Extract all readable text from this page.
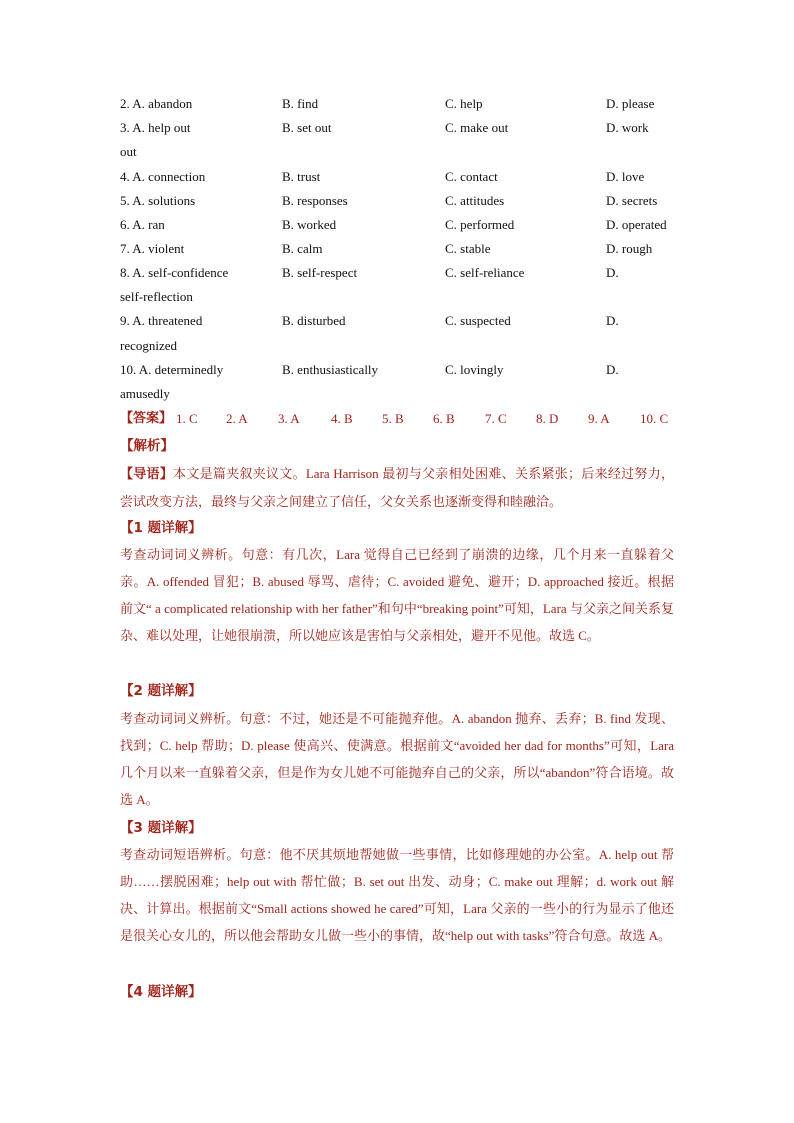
2. A. abandon	B. find	C. help	D. please
3. A. help out	B. set out	C. make out	D. work
out
4. A. connection	B. trust	C. contact	D. love
5. A. solutions	B. responses	C. attitudes	D. secrets
6. A. ran	B. worked	C. performed	D. operated
7. A. violent	B. calm	C. stable	D. rough
8. A. self-confidence	B. self-respect	C. self-reliance	D.
self-reflection
9. A. threatened	B. disturbed	C. suspected	D.
recognized
10. A. determinedly	B. enthusiastically	C. lovingly	D.
amusedly
【答案】 1. C 2. A 3. A 4. B 5. B 6. B 7. C 8. D 9. A 10. C
【解析】
【导语】本文是篇夹叙夹议文。Lara Harrison 最初与父亲相处困难、关系紧张；后来经过努力，尝试改变方法，最终与父亲之间建立了信任，父女关系也逐渐变得和睦融洽。
【1 题详解】
考查动词词义辨析。句意：有几次，Lara 觉得自己已经到了崩溃的边缘，几个月来一直躲着父亲。A. offended 冒犯；B. abused 辱骂、虐待；C. avoided 避免、避开；D. approached 接近。根据前文“ a complicated relationship with her father”和句中“breaking point”可知，Lara 与父亲之间关系复杂、难以处理，让她很崩溃，所以她应该是害怕与父亲相处，避开不见他。故选 C。
【2 题详解】
考查动词词义辨析。句意：不过，她还是不可能抛弃他。A. abandon 抛弃、丢弃；B. find 发现、找到；C. help 帮助；D. please 使高兴、使满意。根据前文“avoided her dad for months”可知，Lara 几个月以来一直躲着父亲，但是作为女儿她不可能抛弃自己的父亲，所以“abandon”符合语境。故选 A。
【3 题详解】
考查动词短语辨析。句意：他不厌其烦地帮她做一些事情，比如修理她的办公室。A. help out 帮助……摆脱困难；help out with 帮忙做；B. set out 出发、动身；C. make out 理解；d. work out 解决、计算出。根据前文“Small actions showed he cared”可知，Lara 父亲的一些小的行为显示了他还是很关心女儿的，所以他会帮助女儿做一些小的事情，故“help out with tasks”符合句意。故选 A。
【4 题详解】
